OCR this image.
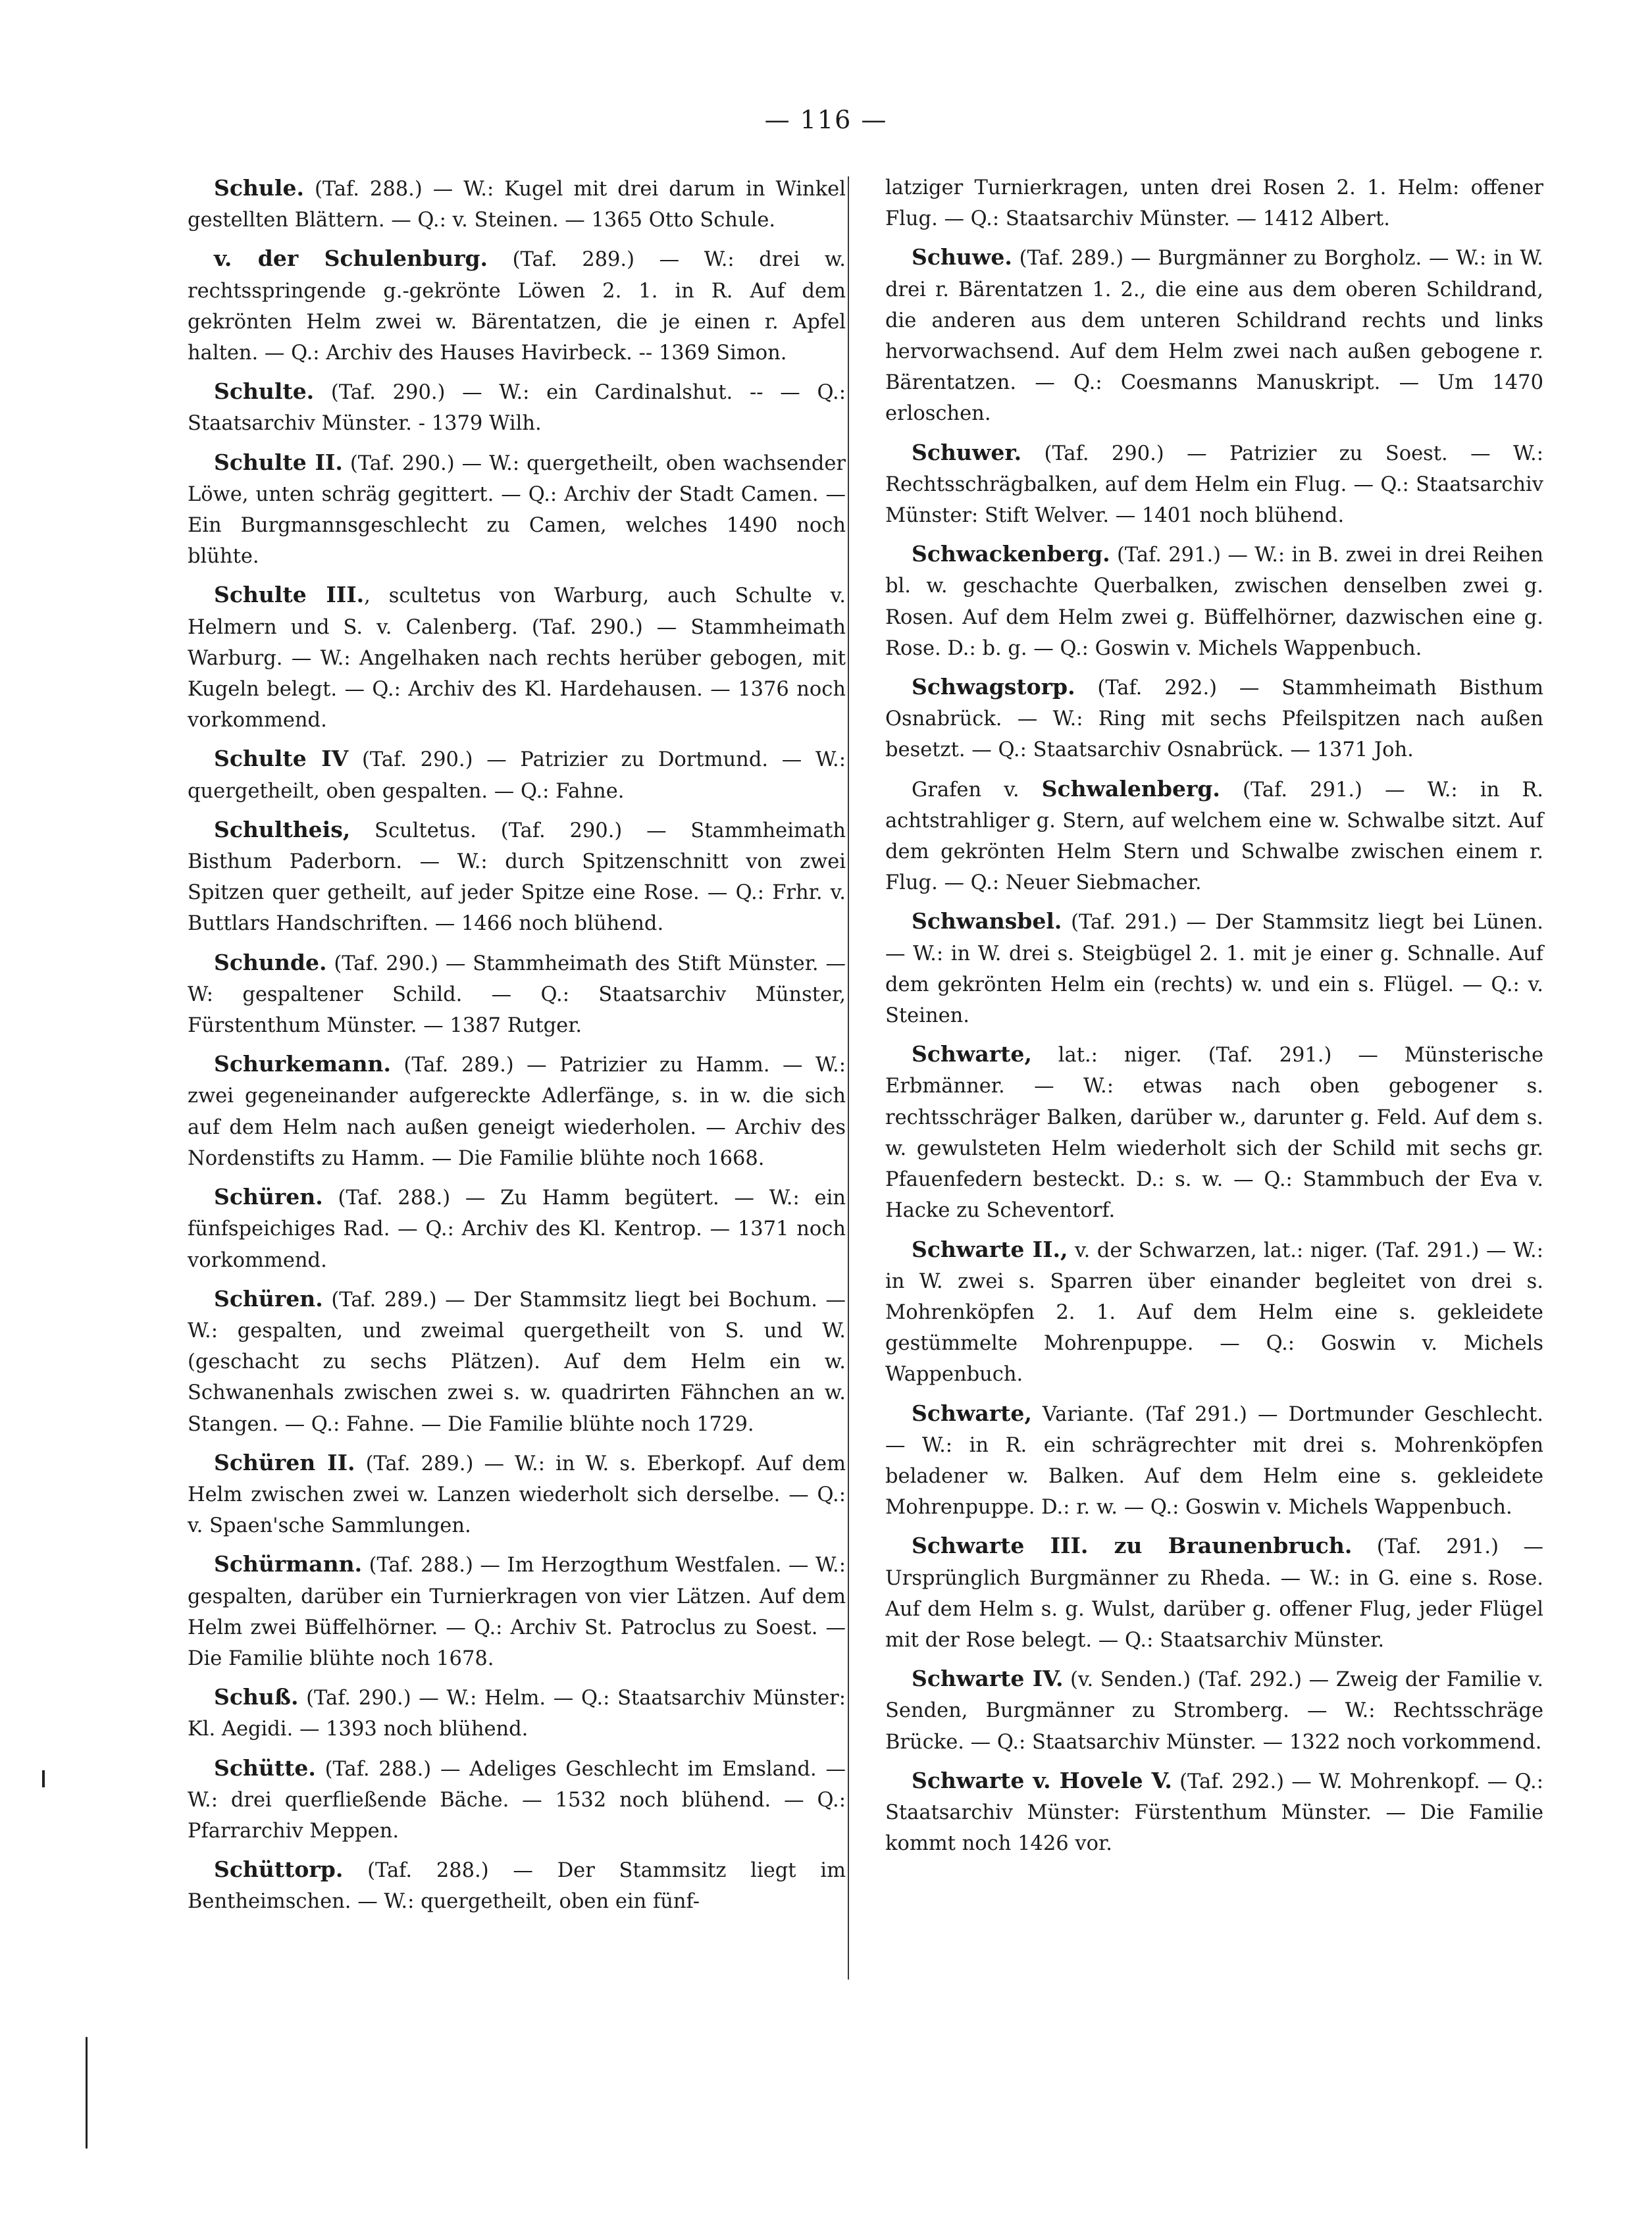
— 116 —

Schule. (Taf. 288.) — W.: Kugel mit drei darum in Winkel gestellten Blättern. — Q.: v. Steinen. — 1365 Otto Schule.

v. der Schulenburg. (Taf. 289.) — W.: drei w. rechtsspringende g.-gekrönte Löwen 2. 1. in R. Auf dem gekrönten Helm zwei w. Bärentatzen, die je einen r. Apfel halten. — Q.: Archiv des Hauses Havirbeck. -- 1369 Simon.

Schulte. (Taf. 290.) — W.: ein Cardinalshut. -- — Q.: Staatsarchiv Münster. - 1379 Wilh.

Schulte II. (Taf. 290.) — W.: quergetheilt, oben wachsender Löwe, unten schräg gegittert. — Q.: Archiv der Stadt Camen. — Ein Burgmannsgeschlecht zu Camen, welches 1490 noch blühte.

Schulte III., scultetus von Warburg, auch Schulte v. Helmern und S. v. Calenberg. (Taf. 290.) — Stammheimath Warburg. — W.: Angelhaken nach rechts herüber gebogen, mit Kugeln belegt. — Q.: Archiv des Kl. Hardehausen. — 1376 noch vorkommend.

Schulte IV (Taf. 290.) — Patrizier zu Dortmund. — W.: quergetheilt, oben gespalten. — Q.: Fahne.

Schultheis, Scultetus. (Taf. 290.) — Stammheimath Bisthum Paderborn. — W.: durch Spitzenschnitt von zwei Spitzen quer getheilt, auf jeder Spitze eine Rose. — Q.: Frhr. v. Buttlars Handschriften. — 1466 noch blühend.

Schunde. (Taf. 290.) — Stammheimath des Stift Münster. — W: gespaltener Schild. — Q.: Staatsarchiv Münster, Fürstenthum Münster. — 1387 Rutger.

Schurkemann. (Taf. 289.) — Patrizier zu Hamm. — W.: zwei gegeneinander aufgereckte Adlerfänge, s. in w. die sich auf dem Helm nach außen geneigt wiederholen. — Archiv des Nordenstifts zu Hamm. — Die Familie blühte noch 1668.

Schüren. (Taf. 288.) — Zu Hamm begütert. — W.: ein fünfspeichiges Rad. — Q.: Archiv des Kl. Kentrop. — 1371 noch vorkommend.

Schüren. (Taf. 289.) — Der Stammsitz liegt bei Bochum. — W.: gespalten, und zweimal quergetheilt von S. und W. (geschacht zu sechs Plätzen). Auf dem Helm ein w. Schwanenhals zwischen zwei s. w. quadrirten Fähnchen an w. Stangen. — Q.: Fahne. — Die Familie blühte noch 1729.

Schüren II. (Taf. 289.) — W.: in W. s. Eberkopf. Auf dem Helm zwischen zwei w. Lanzen wiederholt sich derselbe. — Q.: v. Spaen'sche Sammlungen.

Schürmann. (Taf. 288.) — Im Herzogthum Westfalen. — W.: gespalten, darüber ein Turnierkragen von vier Lätzen. Auf dem Helm zwei Büffelhörner. — Q.: Archiv St. Patroclus zu Soest. — Die Familie blühte noch 1678.

Schuß. (Taf. 290.) — W.: Helm. — Q.: Staatsarchiv Münster: Kl. Aegidi. — 1393 noch blühend.

Schütte. (Taf. 288.) — Adeliges Geschlecht im Emsland. — W.: drei querfließende Bäche. — 1532 noch blühend. — Q.: Pfarrarchiv Meppen.

Schüttorp. (Taf. 288.) — Der Stammsitz liegt im Bentheimschen. — W.: quergetheilt, oben ein fünf-

latziger Turnierkragen, unten drei Rosen 2. 1. Helm: offener Flug. — Q.: Staatsarchiv Münster. — 1412 Albert.

Schuwe. (Taf. 289.) — Burgmänner zu Borgholz. — W.: in W. drei r. Bärentatzen 1. 2., die eine aus dem oberen Schildrand, die anderen aus dem unteren Schildrand rechts und links hervorwachsend. Auf dem Helm zwei nach außen gebogene r. Bärentatzen. — Q.: Coesmanns Manuskript. — Um 1470 erloschen.

Schuwer. (Taf. 290.) — Patrizier zu Soest. — W.: Rechtsschrägbalken, auf dem Helm ein Flug. — Q.: Staatsarchiv Münster: Stift Welver. — 1401 noch blühend.

Schwackenberg. (Taf. 291.) — W.: in B. zwei in drei Reihen bl. w. geschachte Querbalken, zwischen denselben zwei g. Rosen. Auf dem Helm zwei g. Büffelhörner, dazwischen eine g. Rose. D.: b. g. — Q.: Goswin v. Michels Wappenbuch.

Schwagstorp. (Taf. 292.) — Stammheimath Bisthum Osnabrück. — W.: Ring mit sechs Pfeilspitzen nach außen besetzt. — Q.: Staatsarchiv Osnabrück. — 1371 Joh.

Grafen v. Schwalenberg. (Taf. 291.) — W.: in R. achtstrahliger g. Stern, auf welchem eine w. Schwalbe sitzt. Auf dem gekrönten Helm Stern und Schwalbe zwischen einem r. Flug. — Q.: Neuer Siebmacher.

Schwansbel. (Taf. 291.) — Der Stammsitz liegt bei Lünen. — W.: in W. drei s. Steigbügel 2. 1. mit je einer g. Schnalle. Auf dem gekrönten Helm ein (rechts) w. und ein s. Flügel. — Q.: v. Steinen.

Schwarte, lat.: niger. (Taf. 291.) — Münsterische Erbmänner. — W.: etwas nach oben gebogener s. rechtsschräger Balken, darüber w., darunter g. Feld. Auf dem s. w. gewulsteten Helm wiederholt sich der Schild mit sechs gr. Pfauenfedern besteckt. D.: s. w. — Q.: Stammbuch der Eva v. Hacke zu Scheventorf.

Schwarte II., v. der Schwarzen, lat.: niger. (Taf. 291.) — W.: in W. zwei s. Sparren über einander begleitet von drei s. Mohrenköpfen 2. 1. Auf dem Helm eine s. gekleidete gestümmelte Mohrenpuppe. — Q.: Goswin v. Michels Wappenbuch.

Schwarte, Variante. (Taf 291.) — Dortmunder Geschlecht. — W.: in R. ein schrägrechter mit drei s. Mohrenköpfen beladener w. Balken. Auf dem Helm eine s. gekleidete Mohrenpuppe. D.: r. w. — Q.: Goswin v. Michels Wappenbuch.

Schwarte III. zu Braunenbruch. (Taf. 291.) — Ursprünglich Burgmänner zu Rheda. — W.: in G. eine s. Rose. Auf dem Helm s. g. Wulst, darüber g. offener Flug, jeder Flügel mit der Rose belegt. — Q.: Staatsarchiv Münster.

Schwarte IV. (v. Senden.) (Taf. 292.) — Zweig der Familie v. Senden, Burgmänner zu Stromberg. — W.: Rechtsschräge Brücke. — Q.: Staatsarchiv Münster. — 1322 noch vorkommend.

Schwarte v. Hovele V. (Taf. 292.) — W. Mohrenkopf. — Q.: Staatsarchiv Münster: Fürstenthum Münster. — Die Familie kommt noch 1426 vor.
